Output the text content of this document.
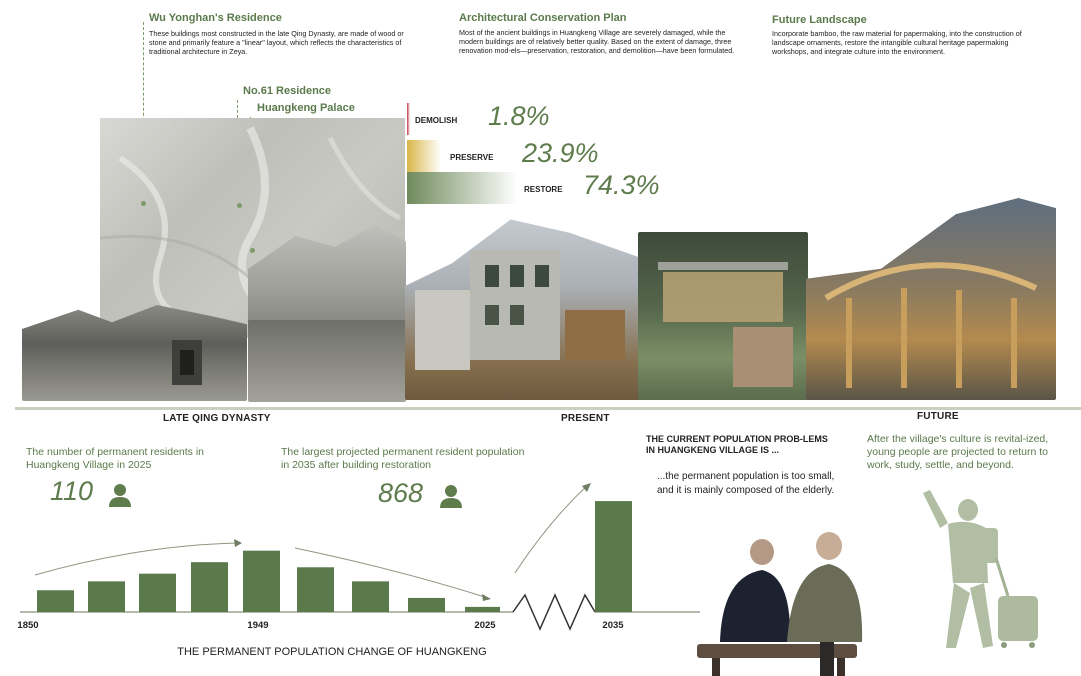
Wu Yonghan's Residence
These buildings most constructed in the late Qing Dynasty, are made of wood or stone and primarily feature a "linear" layout, which reflects the characteristics of traditional architecture in Zeya.
No.61 Residence
Huangkeng Palace
Architectural Conservation Plan
Most of the ancient buildings in Huangkeng Village are severely damaged, while the modern buildings are of relatively better quality. Based on the extent of damage, three renovation mod-els—preservation, restoration, and demolition—have been formulated.
Future Landscape
Incorporate bamboo, the raw material for papermaking, into the construction of landscape ornaments, restore the intangible cultural heritage papermaking workshops, and integrate culture into the environment.
DEMOLISH 1.8%
PRESERVE 23.9%
RESTORE 74.3%
LATE QING DYNASTY	PRESENT	FUTURE
The number of permanent residents in Huangkeng Village in 2025
110
The largest projected permanent resident population in 2035 after building restoration
868
THE CURRENT POPULATION PROB-LEMS IN HUANGKENG VILLAGE IS ...
...the permanent population is too small, and it is mainly composed of the elderly.
After the village's culture is revital-ized, young people are projected to return to work, study, settle, and beyond.
1850	1949	2025	2035
THE PERMANENT POPULATION CHANGE OF HUANGKENG
